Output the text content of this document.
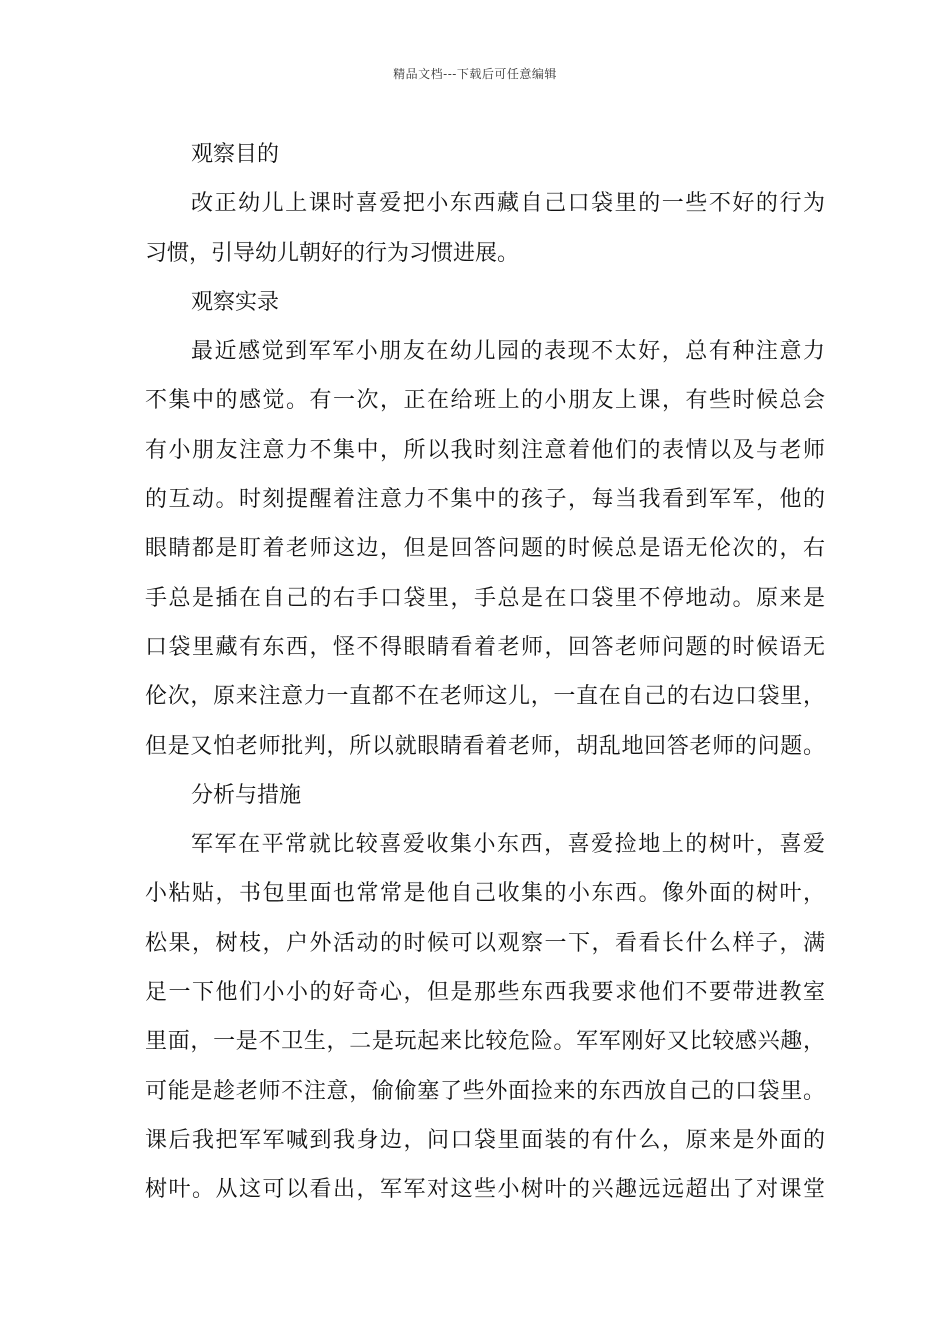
精品文档---下载后可任意编辑
观察目的
改正幼儿上课时喜爱把小东西藏自己口袋里的一些不好的行为
习惯，引导幼儿朝好的行为习惯进展。
观察实录
最近感觉到军军小朋友在幼儿园的表现不太好，总有种注意力
不集中的感觉。有一次，正在给班上的小朋友上课，有些时候总会
有小朋友注意力不集中，所以我时刻注意着他们的表情以及与老师
的互动。时刻提醒着注意力不集中的孩子，每当我看到军军，他的
眼睛都是盯着老师这边，但是回答问题的时候总是语无伦次的，右
手总是插在自己的右手口袋里，手总是在口袋里不停地动。原来是
口袋里藏有东西，怪不得眼睛看着老师，回答老师问题的时候语无
伦次，原来注意力一直都不在老师这儿，一直在自己的右边口袋里，
但是又怕老师批判，所以就眼睛看着老师，胡乱地回答老师的问题。
分析与措施
军军在平常就比较喜爱收集小东西，喜爱捡地上的树叶，喜爱
小粘贴，书包里面也常常是他自己收集的小东西。像外面的树叶，
松果，树枝，户外活动的时候可以观察一下，看看长什么样子，满
足一下他们小小的好奇心，但是那些东西我要求他们不要带进教室
里面，一是不卫生，二是玩起来比较危险。军军刚好又比较感兴趣，
可能是趁老师不注意，偷偷塞了些外面捡来的东西放自己的口袋里。
课后我把军军喊到我身边，问口袋里面装的有什么，原来是外面的
树叶。从这可以看出，军军对这些小树叶的兴趣远远超出了对课堂
